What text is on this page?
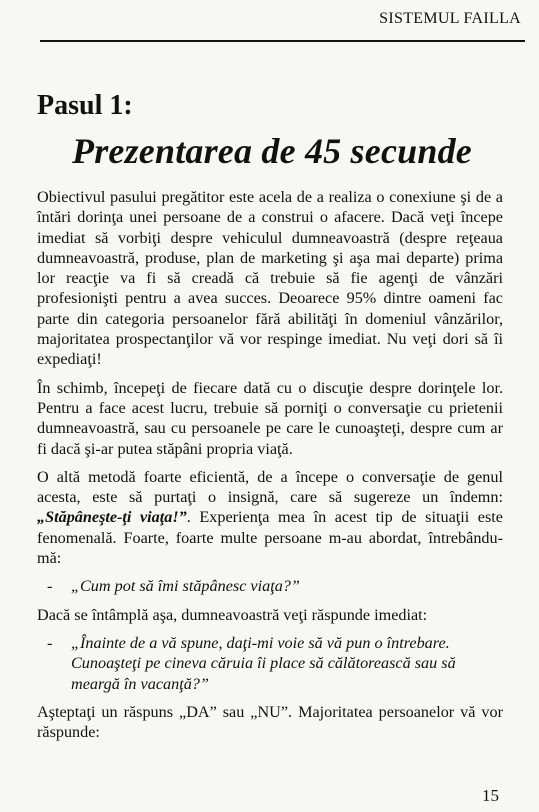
SISTEMUL FAILLA
Pasul 1:
Prezentarea de 45 secunde

Obiectivul pasului pregătitor este acela de a realiza o conexiune şi de a întări dorinţa unei persoane de a construi o afacere. Dacă veţi începe imediat să vorbiţi despre vehiculul dumneavoastră (despre reţeaua dumneavoastră, produse, plan de marketing şi aşa mai departe) prima lor reacţie va fi să creadă că trebuie să fie agenţi de vânzări profesionişti pentru a avea succes. Deoarece 95% dintre oameni fac parte din categoria persoanelor fără abilităţi în domeniul vânzărilor, majoritatea prospectanţilor vă vor respinge imediat. Nu veţi dori să îi expediaţi!

În schimb, începeţi de fiecare dată cu o discuţie despre dorinţele lor. Pentru a face acest lucru, trebuie să porniţi o conversaţie cu prietenii dumneavoastră, sau cu persoanele pe care le cunoaşteţi, despre cum ar fi dacă şi-ar putea stăpâni propria viaţă.

O altă metodă foarte eficientă, de a începe o conversaţie de genul acesta, este să purtaţi o insignă, care să sugereze un îndemn: „Stăpâneşte-ţi viaţa!”. Experienţa mea în acest tip de situaţii este fenomenală. Foarte, foarte multe persoane m-au abordat, întrebându-mă:

-	„Cum pot să îmi stăpânesc viaţa?”

Dacă se întâmplă aşa, dumneavoastră veţi răspunde imediat:

-	„Înainte de a vă spune, daţi-mi voie să vă pun o întrebare. Cunoaşteţi pe cineva căruia îi place să călătorească sau să meargă în vacanţă?”

Aşteptaţi un răspuns „DA” sau „NU”. Majoritatea persoanelor vă vor răspunde:

15
